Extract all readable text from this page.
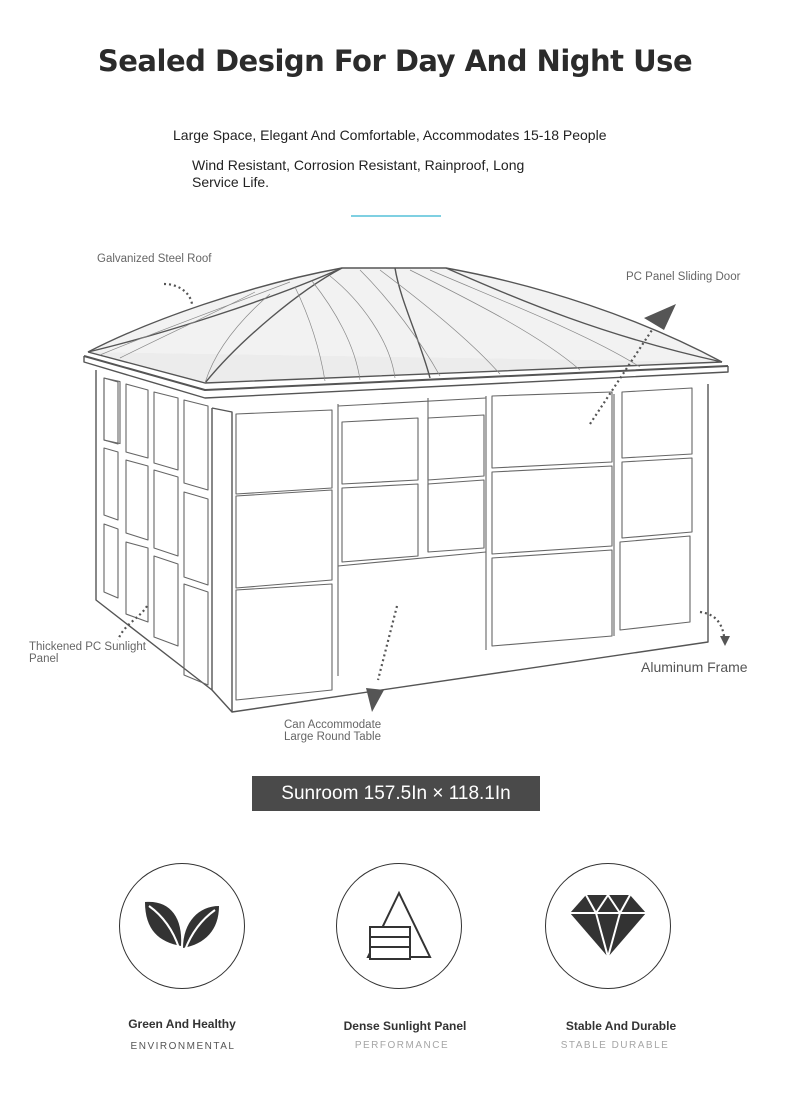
Sealed Design For Day And Night Use
Large Space, Elegant And Comfortable, Accommodates 15-18 People
Wind Resistant, Corrosion Resistant, Rainproof, Long Service Life.
Galvanized Steel Roof
PC Panel Sliding Door
Thickened PC Sunlight Panel
Can Accommodate Large Round Table
Aluminum Frame
Sunroom 157.5In × 118.1In
Green And Healthy
ENVIRONMENTAL
Dense Sunlight Panel
PERFORMANCE
Stable And Durable
STABLE DURABLE
